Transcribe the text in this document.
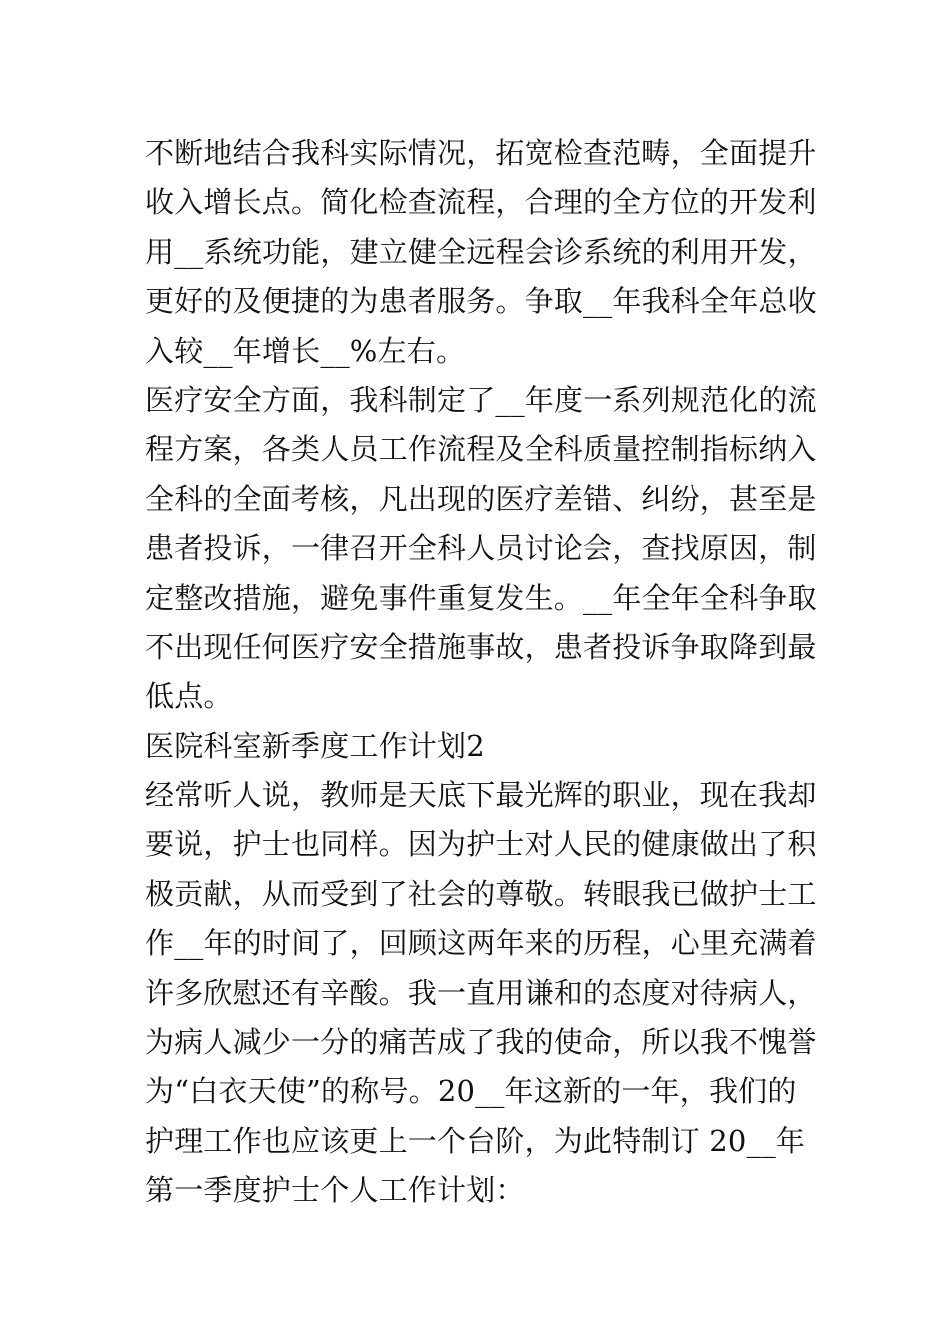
不断地结合我科实际情况，拓宽检查范畴，全面提升
收入增长点。简化检查流程，合理的全方位的开发利
用__系统功能，建立健全远程会诊系统的利用开发，
更好的及便捷的为患者服务。争取__年我科全年总收
入较__年增长__%左右。
医疗安全方面，我科制定了__年度一系列规范化的流
程方案，各类人员工作流程及全科质量控制指标纳入
全科的全面考核，凡出现的医疗差错、纠纷，甚至是
患者投诉，一律召开全科人员讨论会，查找原因，制
定整改措施，避免事件重复发生。__年全年全科争取
不出现任何医疗安全措施事故，患者投诉争取降到最
低点。
医院科室新季度工作计划2
经常听人说，教师是天底下最光辉的职业，现在我却
要说，护士也同样。因为护士对人民的健康做出了积
极贡献，从而受到了社会的尊敬。转眼我已做护士工
作__年的时间了，回顾这两年来的历程，心里充满着
许多欣慰还有辛酸。我一直用谦和的态度对待病人，
为病人减少一分的痛苦成了我的使命，所以我不愧誉
为“白衣天使”的称号。20__年这新的一年，我们的
护理工作也应该更上一个台阶，为此特制订 20__年
第一季度护士个人工作计划：
